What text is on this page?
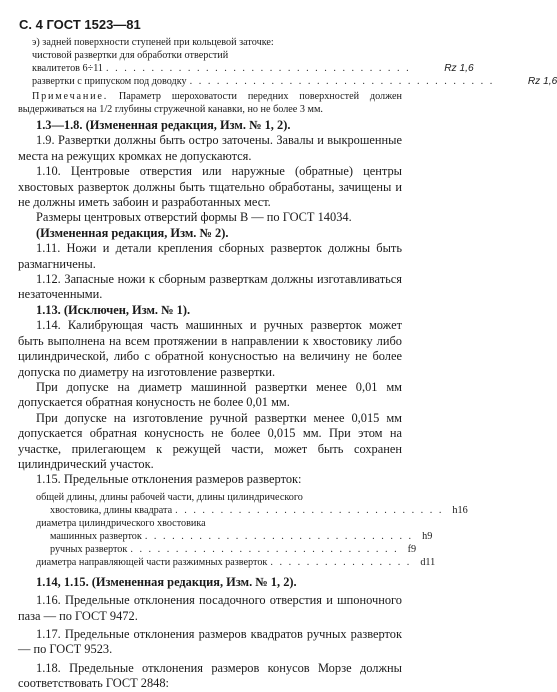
С. 4 ГОСТ 1523—81
э) задней поверхности ступеней при кольцевой заточке:
чистовой развертки для обработки отверстий
квалитетов 6÷11 . . . . . . . . . . . . . . . . . . . . . . . . . . . . . . . . . .	Rz 1,6
развертки с припуском под доводку . . . . . . . . . . . . . . . . . . . . . . . . . . . . . . . . . .	Rz 1,6
Примечание. Параметр шероховатости передних поверхностей должен выдерживаться на 1/2 глубины стружечной канавки, но не более 3 мм.

1.3—1.8. (Измененная редакция, Изм. № 1, 2).

1.9. Развертки должны быть остро заточены. Завалы и выкрошенные места на режущих кромках не допускаются.

1.10. Центровые отверстия или наружные (обратные) центры хвостовых разверток должны быть тщательно обработаны, зачищены и не должны иметь забоин и разработанных мест.

Размеры центровых отверстий формы В — по ГОСТ 14034.

(Измененная редакция, Изм. № 2).

1.11. Ножи и детали крепления сборных разверток должны быть размагничены.

1.12. Запасные ножи к сборным разверткам должны изготавливаться незаточенными.

1.13. (Исключен, Изм. № 1).

1.14. Калибрующая часть машинных и ручных разверток может быть выполнена на всем протяжении в направлении к хвостовику либо цилиндрической, либо с обратной конусностью на величину не более допуска по диаметру на изготовление развертки.

При допуске на диаметр машинной развертки менее 0,01 мм допускается обратная конусность не более 0,01 мм.

При допуске на изготовление ручной развертки менее 0,015 мм допускается обратная конусность не более 0,015 мм. При этом на участке, прилегающем к режущей части, может быть сохранен цилиндрический участок.

1.15. Предельные отклонения размеров разверток:

общей длины, длины рабочей части, длины цилиндрического
хвостовика, длины квадрата . . . . . . . . . . . . . . . . . . . . . . . . . . . . . . h16
диаметра цилиндрического хвостовика
машинных разверток . . . . . . . . . . . . . . . . . . . . . . . . . . . . . . h9
ручных разверток . . . . . . . . . . . . . . . . . . . . . . . . . . . . . . f9
диаметра направляющей части разжимных разверток . . . . . . . . . . . . . . . . d11

1.14, 1.15. (Измененная редакция, Изм. № 1, 2).

1.16. Предельные отклонения посадочного отверстия и шпоночного паза — по ГОСТ 9472.

1.17. Предельные отклонения размеров квадратов ручных разверток — по ГОСТ 9523.

1.18. Предельные отклонения размеров конусов Морзе должны соответствовать ГОСТ 2848:
